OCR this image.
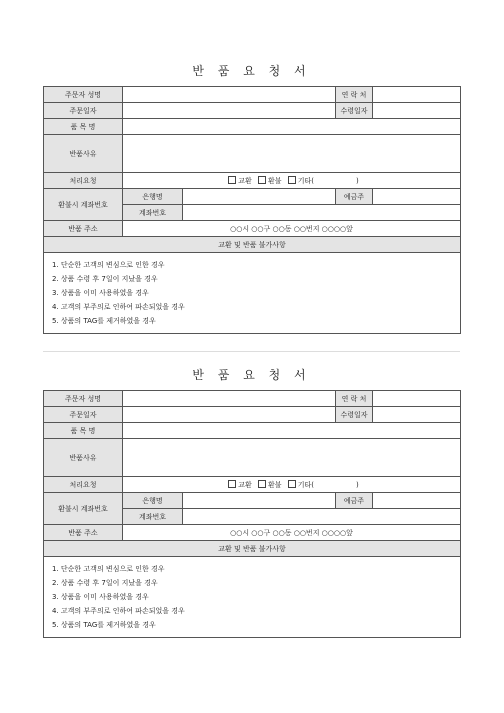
반 품 요 청 서
주문자 성명			연 락 처	
주문일자			수령일자	
품 목 명				
반품사유				
처리요청	교환 환불 기타( )			
환불시 계좌번호	은행명		예금주	
	계좌번호			
반품 주소	○○시 ○○구 ○○동 ○○번지 ○○○○앞			
교환 및 반품 불가사항				

1. 단순한 고객의 변심으로 인한 경우
2. 상품 수령 후 7일이 지났을 경우
3. 상품을 이미 사용하였을 경우
4. 고객의 부주의로 인하여 파손되었을 경우
5. 상품의 TAG를 제거하였을 경우				
반 품 요 청 서
주문자 성명			연 락 처	
주문일자			수령일자	
품 목 명				
반품사유				
처리요청	교환 환불 기타( )			
환불시 계좌번호	은행명		예금주	
	계좌번호			
반품 주소	○○시 ○○구 ○○동 ○○번지 ○○○○앞			
교환 및 반품 불가사항				

1. 단순한 고객의 변심으로 인한 경우
2. 상품 수령 후 7일이 지났을 경우
3. 상품을 이미 사용하였을 경우
4. 고객의 부주의로 인하여 파손되었을 경우
5. 상품의 TAG를 제거하였을 경우				
